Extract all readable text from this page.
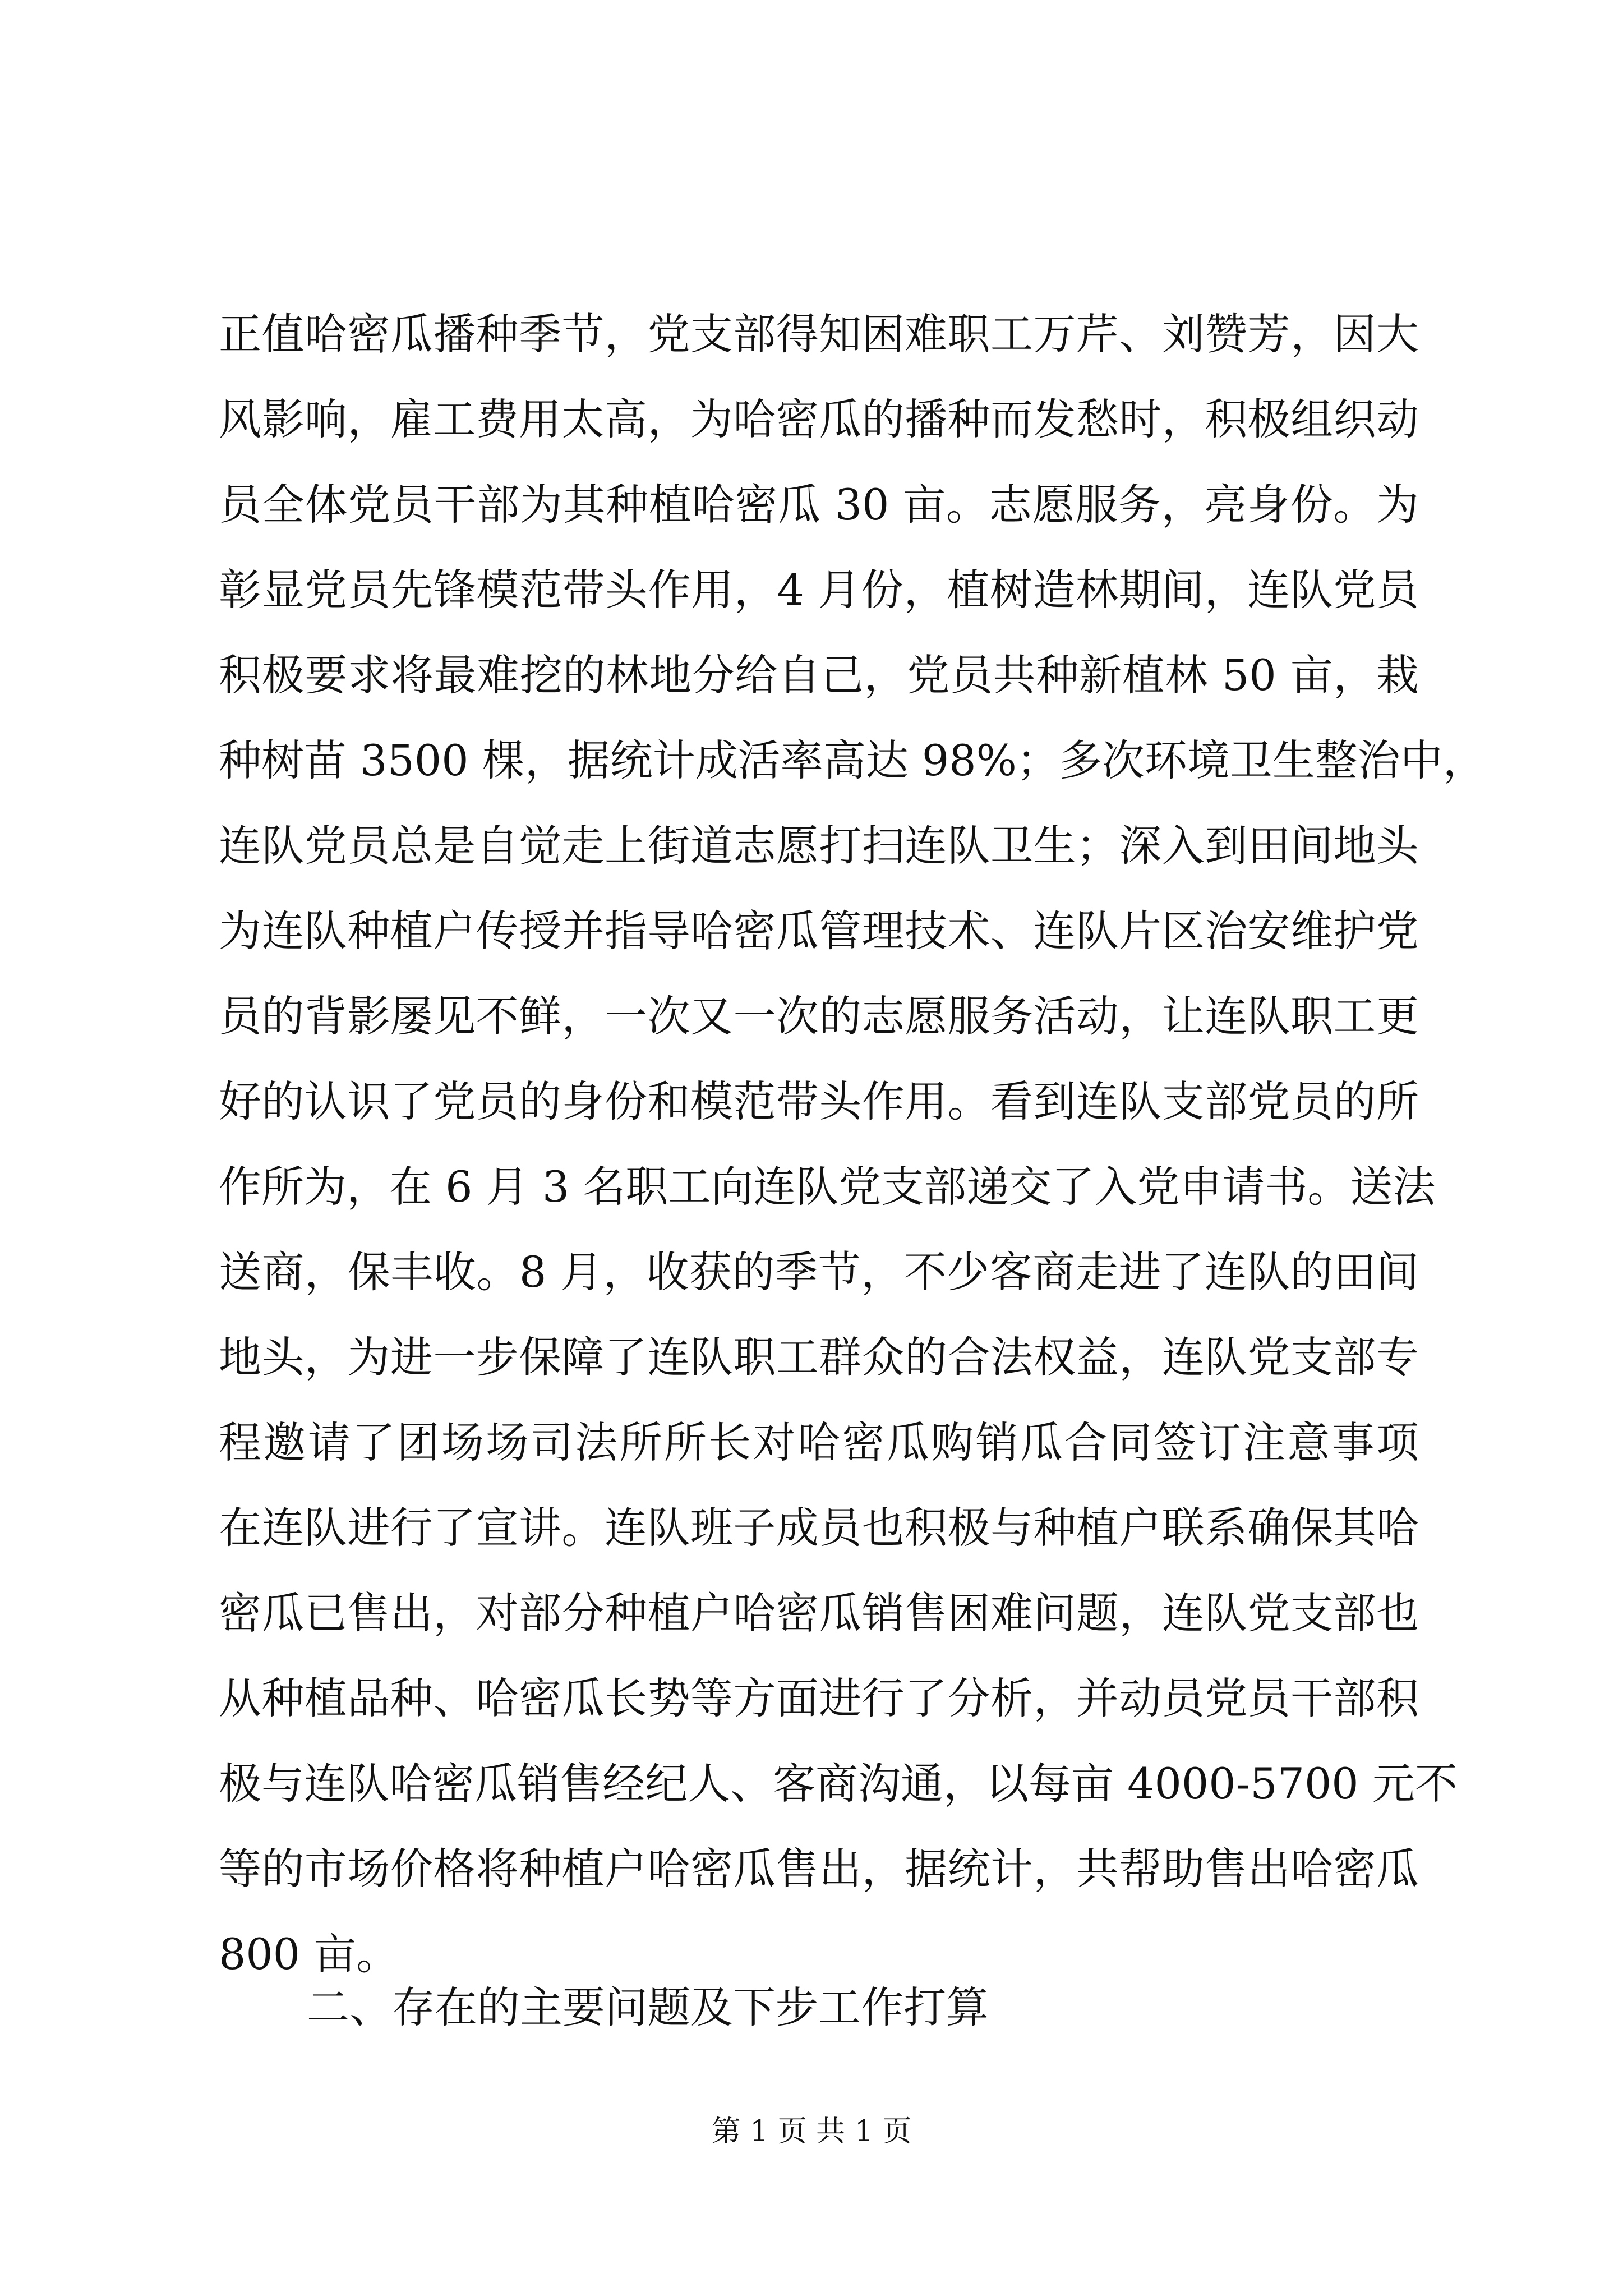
正值哈密瓜播种季节，党支部得知困难职工万芹、刘赞芳，因大
风影响，雇工费用太高，为哈密瓜的播种而发愁时，积极组织动
员全体党员干部为其种植哈密瓜 30 亩。志愿服务，亮身份。为
彰显党员先锋模范带头作用，4 月份，植树造林期间，连队党员
积极要求将最难挖的林地分给自己，党员共种新植林 50 亩，栽
种树苗 3500 棵，据统计成活率高达 98%；多次环境卫生整治中，
连队党员总是自觉走上街道志愿打扫连队卫生；深入到田间地头
为连队种植户传授并指导哈密瓜管理技术、连队片区治安维护党
员的背影屡见不鲜，一次又一次的志愿服务活动，让连队职工更
好的认识了党员的身份和模范带头作用。看到连队支部党员的所
作所为，在 6 月 3 名职工向连队党支部递交了入党申请书。送法
送商，保丰收。8 月，收获的季节，不少客商走进了连队的田间
地头，为进一步保障了连队职工群众的合法权益，连队党支部专
程邀请了团场场司法所所长对哈密瓜购销瓜合同签订注意事项
在连队进行了宣讲。连队班子成员也积极与种植户联系确保其哈
密瓜已售出，对部分种植户哈密瓜销售困难问题，连队党支部也
从种植品种、哈密瓜长势等方面进行了分析，并动员党员干部积
极与连队哈密瓜销售经纪人、客商沟通，以每亩 4000-5700 元不
等的市场价格将种植户哈密瓜售出，据统计，共帮助售出哈密瓜
800 亩。
二、存在的主要问题及下步工作打算
第 1 页 共 1 页
